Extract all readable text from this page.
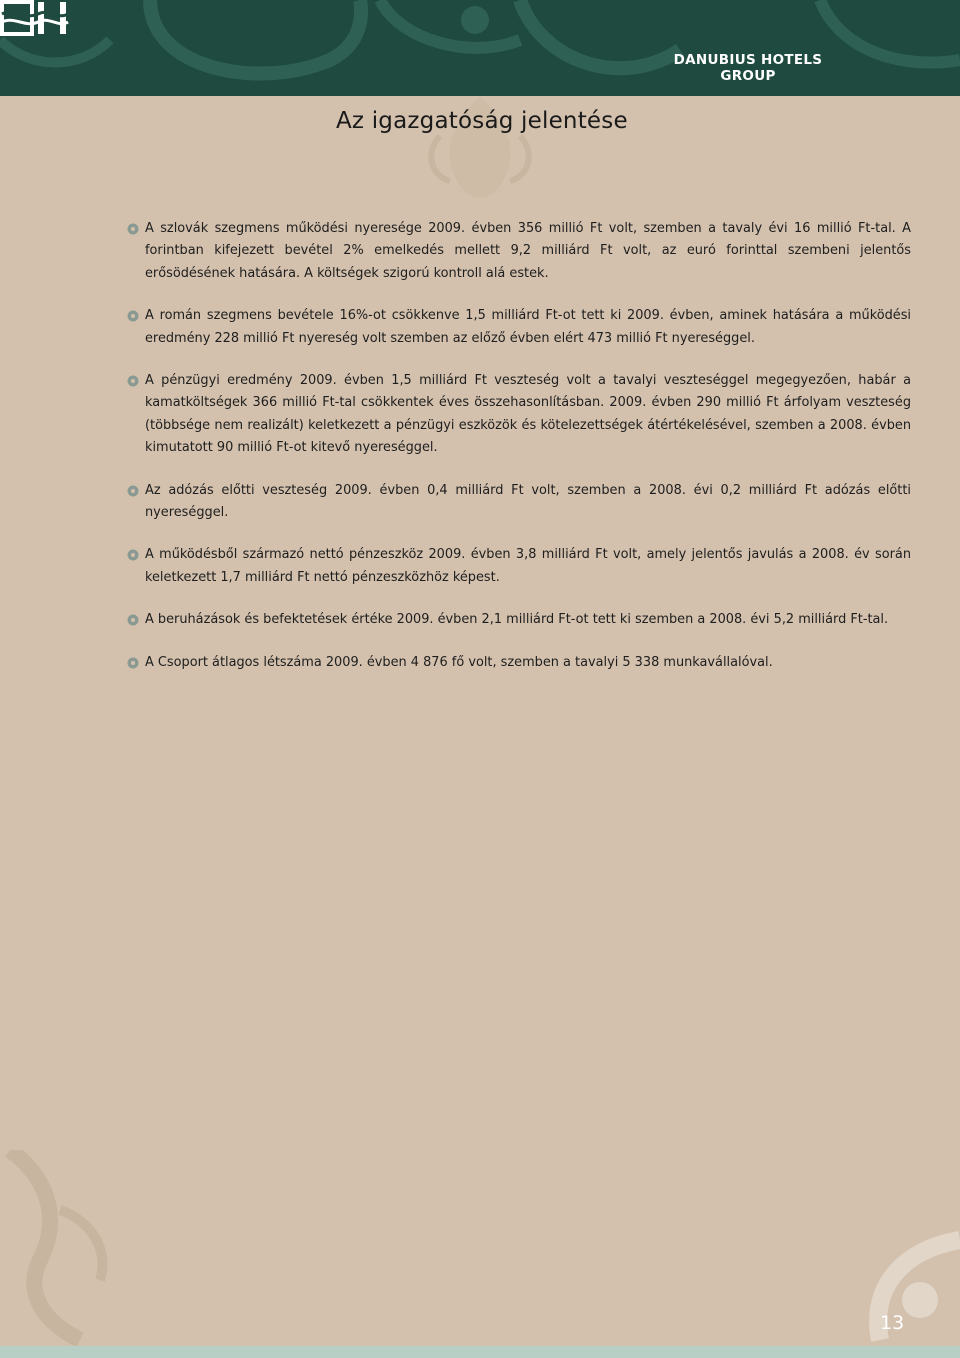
DANUBIUS HOTELS
GROUP
Az igazgatóság jelentése

A szlovák szegmens működési nyeresége 2009. évben 356 millió Ft volt, szemben a tavaly évi 16 millió Ft-tal. A forintban kifejezett bevétel 2% emelkedés mellett 9,2 milliárd Ft volt, az euró forinttal szembeni jelentős erősödésének hatására. A költségek szigorú kontroll alá estek.

A román szegmens bevétele 16%-ot csökkenve 1,5 milliárd Ft-ot tett ki 2009. évben, aminek hatására a működési eredmény 228 millió Ft nyereség volt szemben az előző évben elért 473 millió Ft nyereséggel.

A pénzügyi eredmény 2009. évben 1,5 milliárd Ft veszteség volt a tavalyi veszteséggel megegyezően, habár a kamatköltségek 366 millió Ft-tal csökkentek éves összehasonlításban. 2009. évben 290 millió Ft árfolyam veszteség (többsége nem realizált) keletkezett a pénzügyi eszközök és kötelezettségek átértékelésével, szemben a 2008. évben kimutatott 90 millió Ft-ot kitevő nyereséggel.

Az adózás előtti veszteség 2009. évben 0,4 milliárd Ft volt, szemben a 2008. évi 0,2 milliárd Ft adózás előtti nyereséggel.

A működésből származó nettó pénzeszköz 2009. évben 3,8 milliárd Ft volt, amely jelentős javulás a 2008. év során keletkezett 1,7 milliárd Ft nettó pénzeszközhöz képest.

A beruházások és befektetések értéke 2009. évben 2,1 milliárd Ft-ot tett ki szemben a 2008. évi 5,2 milliárd Ft-tal.

A Csoport átlagos létszáma 2009. évben 4 876 fő volt, szemben a tavalyi 5 338 munkavállalóval.

13
